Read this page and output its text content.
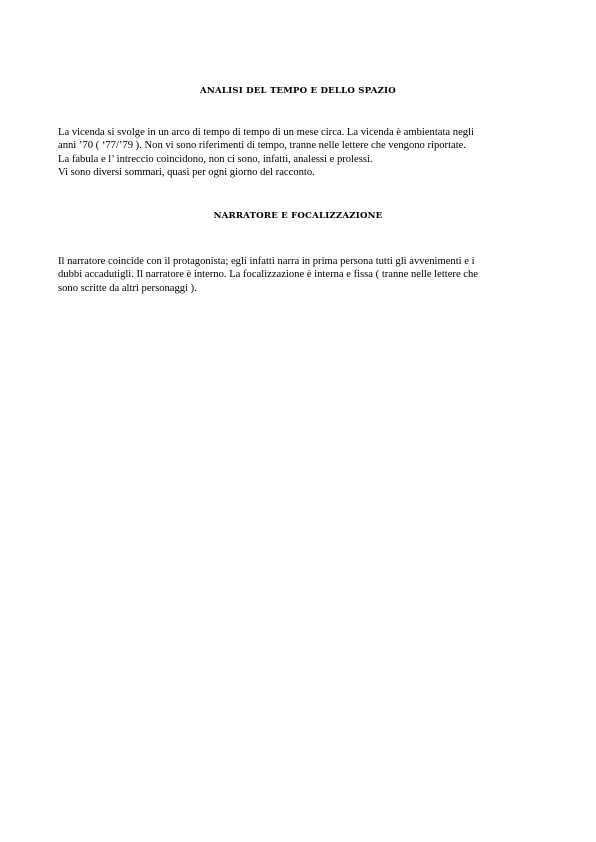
ANALISI DEL TEMPO E DELLO SPAZIO
La vicenda si svolge in un arco di tempo di tempo di un mese circa. La vicenda è ambientata negli
anni ’70 ( ‘77/’79 ). Non vi sono riferimenti di tempo, tranne nelle lettere che vengono riportate.
La fabula e l’ intreccio coincidono, non ci sono, infatti, analessi e prolessi.
Vi sono diversi sommari, quasi per ogni giorno del racconto.
NARRATORE E FOCALIZZAZIONE
Il narratore coincide con il protagonista; egli infatti narra in prima persona tutti gli avvenimenti e i
dubbi accadutigli. Il narratore è interno. La focalizzazione è interna e fissa ( tranne nelle lettere che
sono scritte da altri personaggi ).
